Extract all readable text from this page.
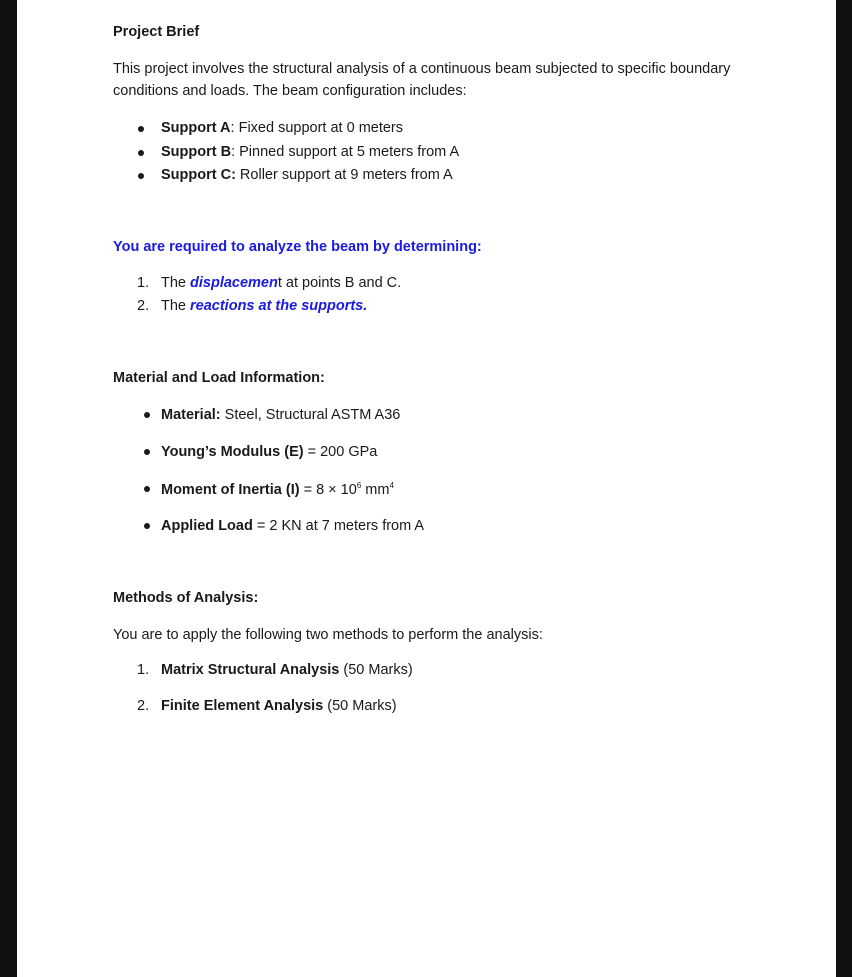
Project Brief
This project involves the structural analysis of a continuous beam subjected to specific boundary conditions and loads. The beam configuration includes:
Support A: Fixed support at 0 meters
Support B: Pinned support at 5 meters from A
Support C: Roller support at 9 meters from A
You are required to analyze the beam by determining:
1. The displacement at points B and C.
2. The reactions at the supports.
Material and Load Information:
Material: Steel, Structural ASTM A36
Young’s Modulus (E) = 200 GPa
Moment of Inertia $(I) = 8 \times 10^6$ $mm^4$
Applied Load = 2 KN at 7 meters from A
Methods of Analysis:
You are to apply the following two methods to perform the analysis:
1. Matrix Structural Analysis (50 Marks)
2. Finite Element Analysis (50 Marks)
